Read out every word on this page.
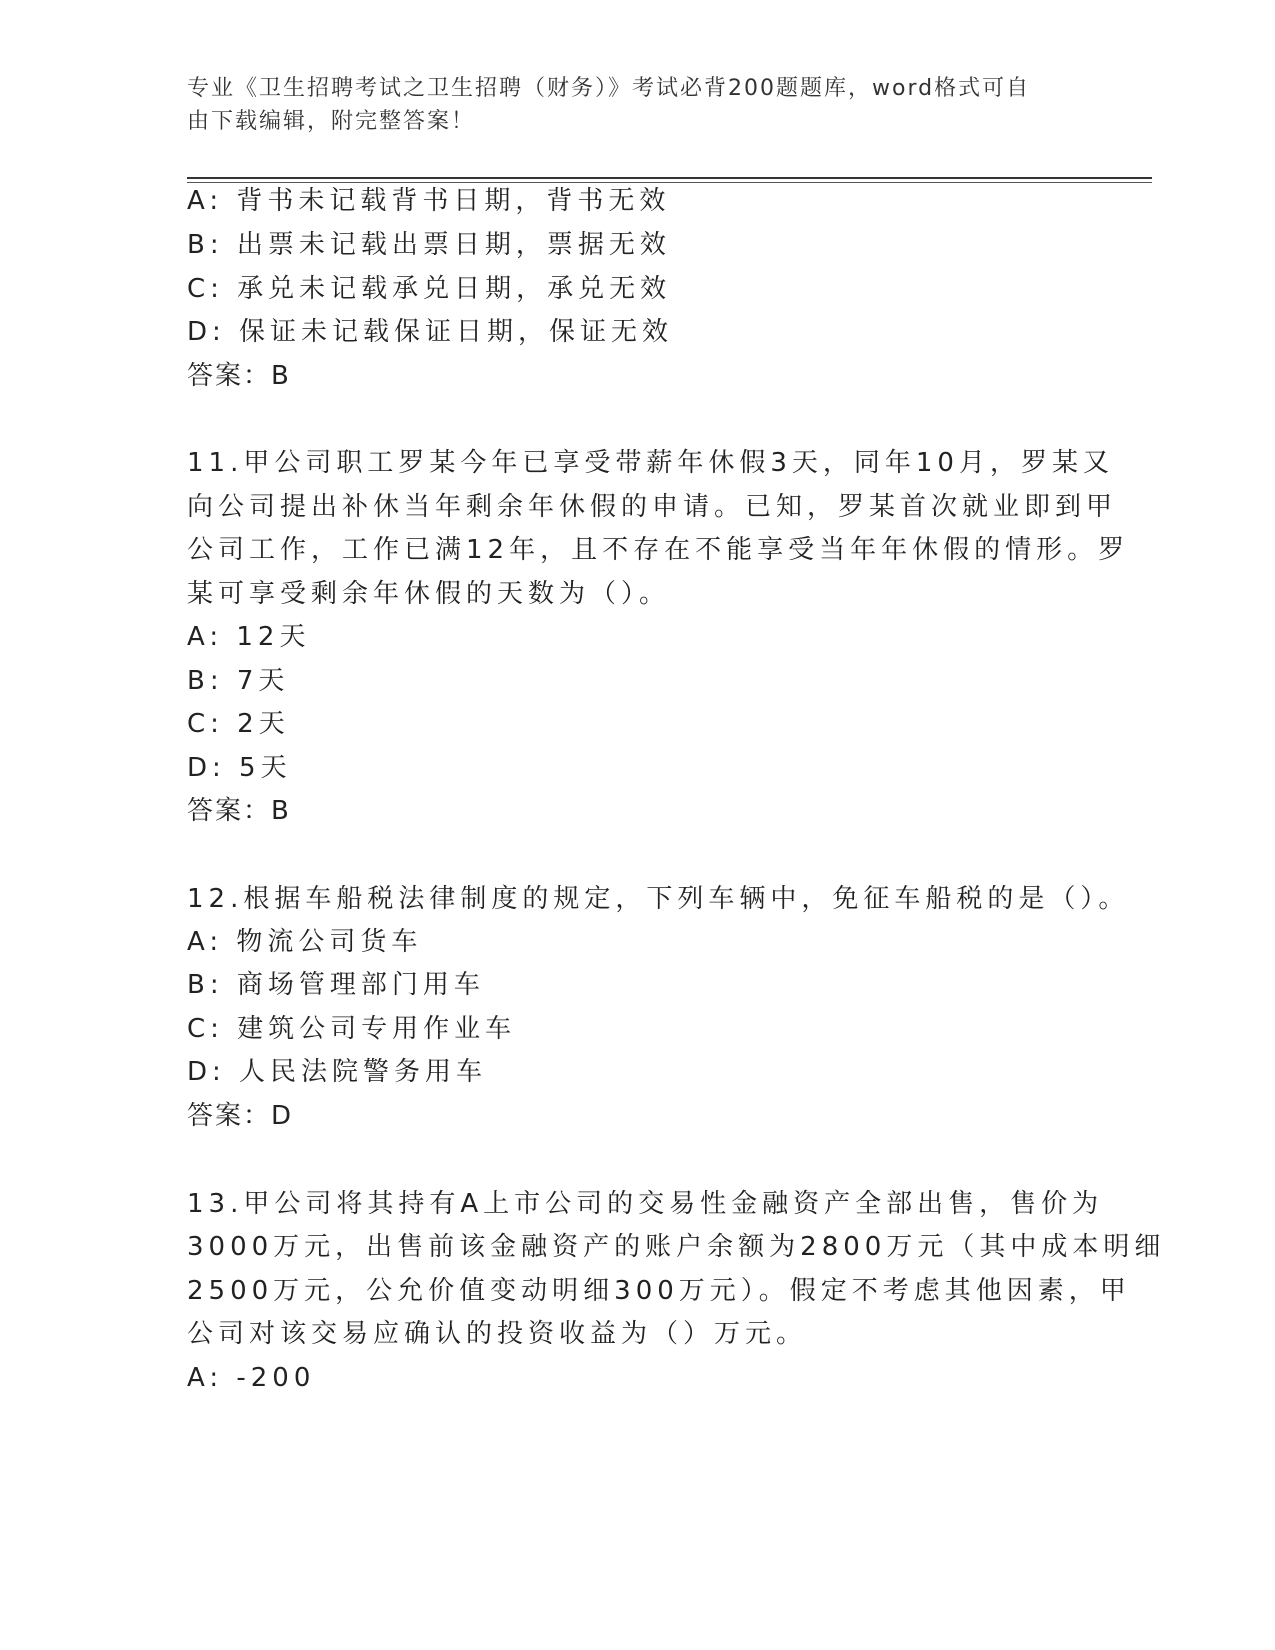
专业《卫生招聘考试之卫生招聘（财务）》考试必背200题题库，word格式可自
由下载编辑，附完整答案！
A: 背书未记载背书日期，背书无效
B: 出票未记载出票日期，票据无效
C: 承兑未记载承兑日期，承兑无效
D: 保证未记载保证日期，保证无效
答案：B
11.甲公司职工罗某今年已享受带薪年休假3天，同年10月，罗某又
向公司提出补休当年剩余年休假的申请。已知，罗某首次就业即到甲
公司工作，工作已满12年，且不存在不能享受当年年休假的情形。罗
某可享受剩余年休假的天数为（）。
A: 12天
B: 7天
C: 2天
D: 5天
答案：B
12.根据车船税法律制度的规定，下列车辆中，免征车船税的是（）。
A: 物流公司货车
B: 商场管理部门用车
C: 建筑公司专用作业车
D: 人民法院警务用车
答案：D
13.甲公司将其持有A上市公司的交易性金融资产全部出售，售价为
3000万元，出售前该金融资产的账户余额为2800万元（其中成本明细
2500万元，公允价值变动明细300万元）。假定不考虑其他因素，甲
公司对该交易应确认的投资收益为（）万元。
A: -200
